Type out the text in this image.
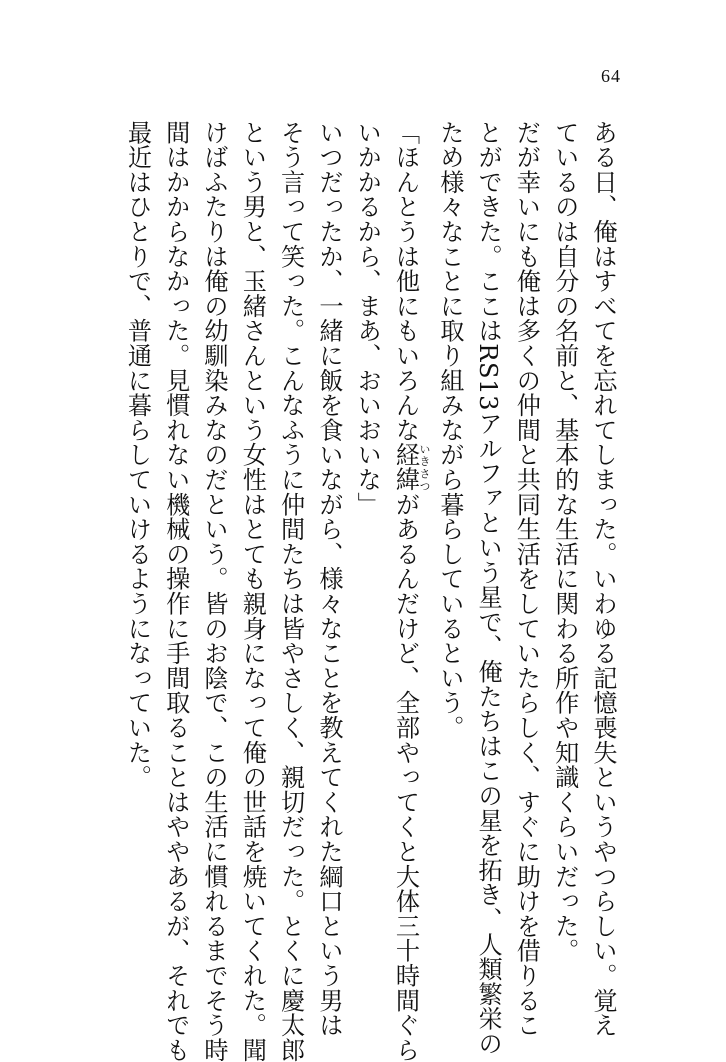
64
ある日、俺はすべてを忘れてしまった。いわゆる記憶喪失というやつらしい。覚え
ているのは自分の名前と、基本的な生活に関わる所作や知識くらいだった。
だが幸いにも俺は多くの仲間と共同生活をしていたらしく、すぐに助けを借りるこ
とができた。ここはRS13アルファという星で、俺たちはこの星を拓き、人類繁栄の
ため様々なことに取り組みながら暮らしているという。
「ほんとうは他にもいろんな経緯いきさつがあるんだけど、全部やってくと大体三十時間ぐら
いかかるから、まあ、おいおいな」
いつだったか、一緒に飯を食いながら、様々なことを教えてくれた綱口という男は
そう言って笑った。こんなふうに仲間たちは皆やさしく、親切だった。とくに慶太郎
という男と、玉緒さんという女性はとても親身になって俺の世話を焼いてくれた。聞
けばふたりは俺の幼馴染みなのだという。皆のお陰で、この生活に慣れるまでそう時
間はかからなかった。見慣れない機械の操作に手間取ることはややあるが、それでも
最近はひとりで、普通に暮らしていけるようになっていた。
